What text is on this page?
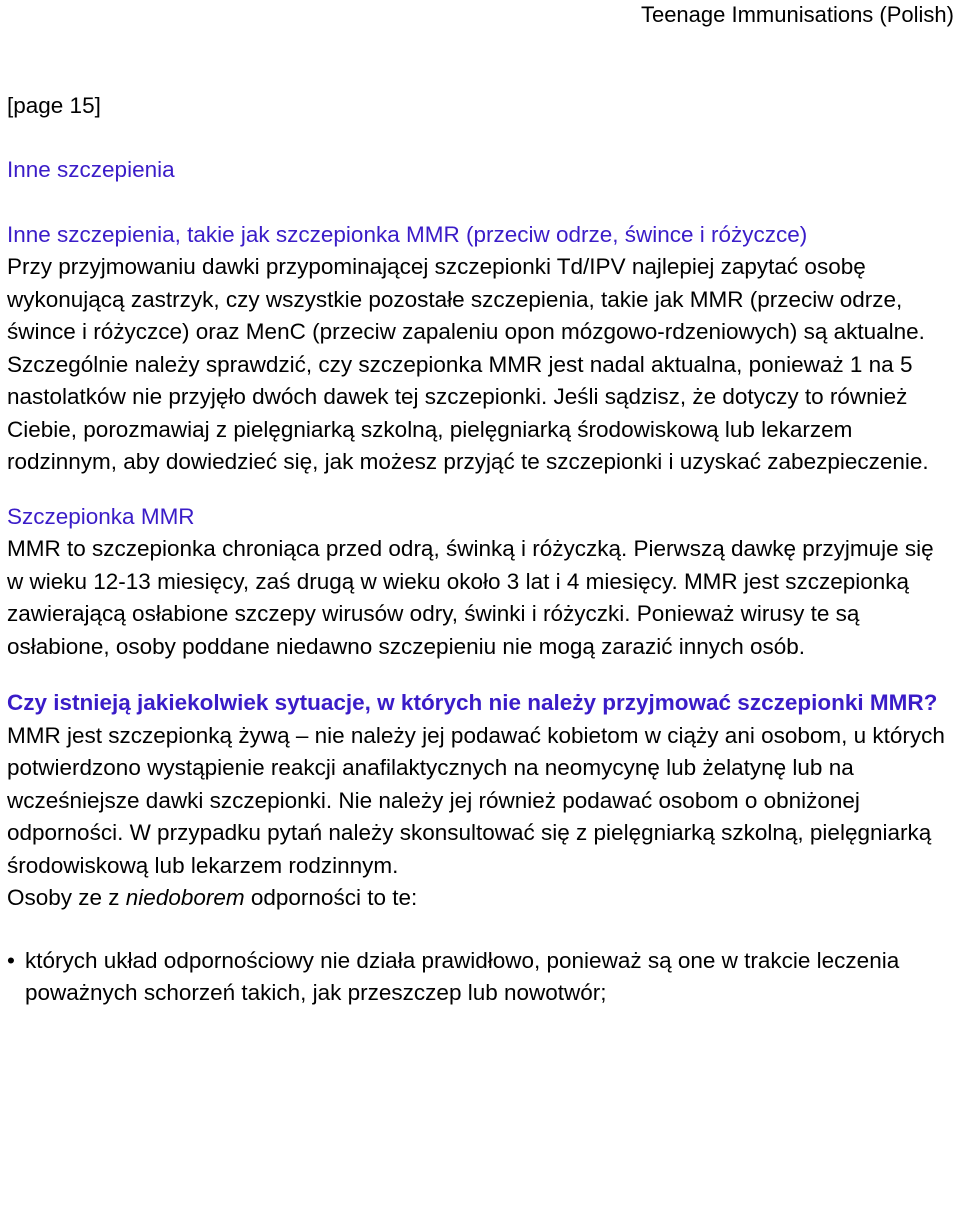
Teenage Immunisations (Polish)

[page 15]

Inne szczepienia
Inne szczepienia, takie jak szczepionka MMR (przeciw odrze, śwince i różyczce)

Przy przyjmowaniu dawki przypominającej szczepionki Td/IPV najlepiej zapytać osobę wykonującą zastrzyk, czy wszystkie pozostałe szczepienia, takie jak MMR (przeciw odrze, śwince i różyczce) oraz MenC (przeciw zapaleniu opon mózgowo-rdzeniowych) są aktualne. Szczególnie należy sprawdzić, czy szczepionka MMR jest nadal aktualna, ponieważ 1 na 5 nastolatków nie przyjęło dwóch dawek tej szczepionki. Jeśli sądzisz, że dotyczy to również Ciebie, porozmawiaj z pielęgniarką szkolną, pielęgniarką środowiskową lub lekarzem rodzinnym, aby dowiedzieć się, jak możesz przyjąć te szczepionki i uzyskać zabezpieczenie.

Szczepionka MMR

MMR to szczepionka chroniąca przed odrą, świnką i różyczką. Pierwszą dawkę przyjmuje się w wieku 12-13 miesięcy, zaś drugą w wieku około 3 lat i 4 miesięcy. MMR jest szczepionką zawierającą osłabione szczepy wirusów odry, świnki i różyczki. Ponieważ wirusy te są osłabione, osoby poddane niedawno szczepieniu nie mogą zarazić innych osób.

Czy istnieją jakiekolwiek sytuacje, w których nie należy przyjmować szczepionki MMR?

MMR jest szczepionką żywą – nie należy jej podawać kobietom w ciąży ani osobom, u których potwierdzono wystąpienie reakcji anafilaktycznych na neomycynę lub żelatynę lub na wcześniejsze dawki szczepionki. Nie należy jej również podawać osobom o obniżonej odporności. W przypadku pytań należy skonsultować się z pielęgniarką szkolną, pielęgniarką środowiskową lub lekarzem rodzinnym.

Osoby ze z niedoborem odporności to te:

• których układ odpornościowy nie działa prawidłowo, ponieważ są one w trakcie leczenia poważnych schorzeń takich, jak przeszczep lub nowotwór;
